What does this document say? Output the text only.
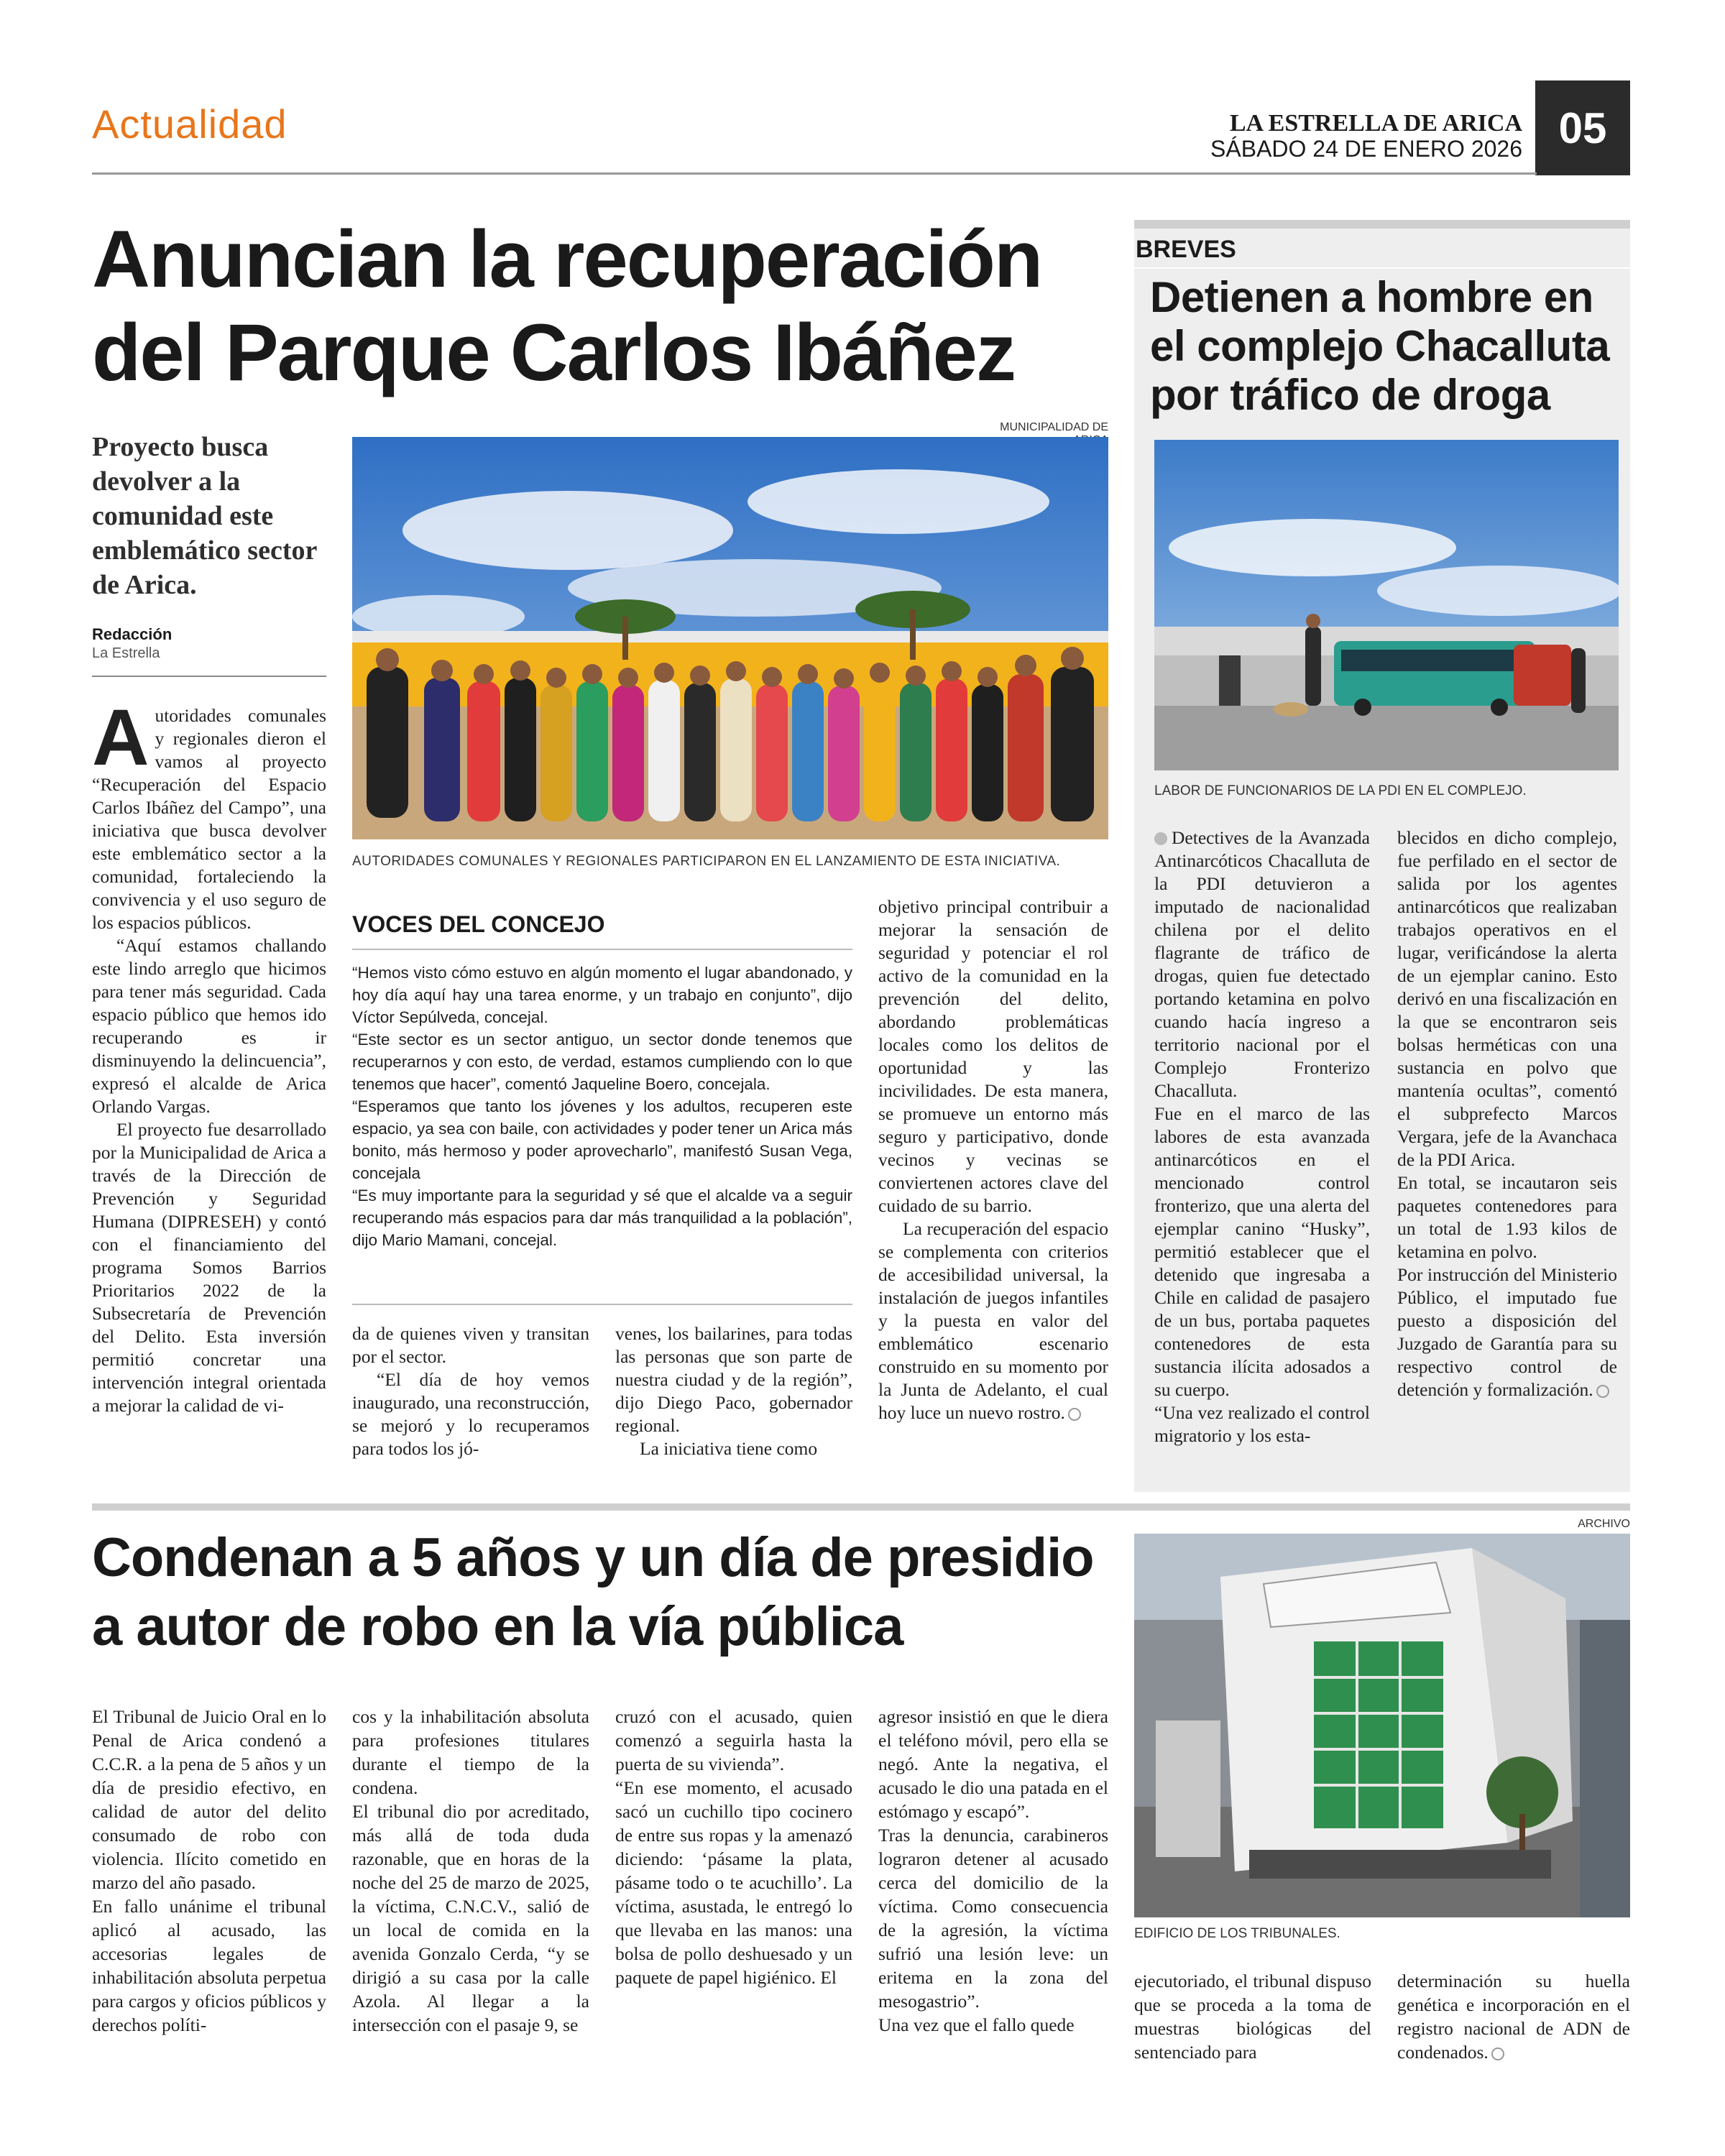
Actualidad	LA ESTRELLA DE ARICA
SÁBADO 24 DE ENERO 2026 05
Anuncian la recuperación
del Parque Carlos Ibáñez
Proyecto busca devolver a la comunidad este emblemático sector de Arica.
Redacción
La Estrella
MUNICIPALIDAD DE
AUTORIDADES COMUNALES Y REGIONALES PARTICIPARON EN EL LANZAMIENTO DE ESTA INICIATIVA.

Autoridades comunales y regionales dieron el vamos al proyecto “Recuperación del Espacio Carlos Ibáñez del Campo”, una iniciativa que busca devolver este emblemático sector a la comunidad, fortaleciendo la convivencia y el uso seguro de los espacios públicos.

“Aquí estamos challando este lindo arreglo que hicimos para tener más seguridad. Cada espacio público que hemos ido recuperando es ir disminuyendo la delincuencia”, expresó el alcalde de Arica Orlando Vargas.

El proyecto fue desarrollado por la Municipalidad de Arica a través de la Dirección de Prevención y Seguridad Humana (DIPRESEH) y contó con el financiamiento del programa Somos Barrios Prioritarios 2022 de la Subsecretaría de Prevención del Delito. Esta inversión permitió concretar una intervención integral orientada a mejorar la calidad de vi-

VOCES DEL CONCEJO

“Hemos visto cómo estuvo en algún momento el lugar abandonado, y hoy día aquí hay una tarea enorme, y un trabajo en conjunto”, dijo Víctor Sepúlveda, concejal.

“Este sector es un sector antiguo, un sector donde tenemos que recuperarnos y con esto, de verdad, estamos cumpliendo con lo que tenemos que hacer”, comentó Jaqueline Boero, concejala.

“Esperamos que tanto los jóvenes y los adultos, recuperen este espacio, ya sea con baile, con actividades y poder tener un Arica más bonito, más hermoso y poder aprovecharlo”, manifestó Susan Vega, concejala

“Es muy importante para la seguridad y sé que el alcalde va a seguir recuperando más espacios para dar más tranquilidad a la población”, dijo Mario Mamani, concejal.

da de quienes viven y transitan por el sector.

“El día de hoy vemos inaugurado, una reconstrucción, se mejoró y lo recuperamos para todos los jó-

venes, los bailarines, para todas las personas que son parte de nuestra ciudad y de la región”, dijo Diego Paco, gobernador regional.

La iniciativa tiene como

objetivo principal contribuir a mejorar la sensación de seguridad y potenciar el rol activo de la comunidad en la prevención del delito, abordando problemáticas locales como los delitos de oportunidad y las incivilidades. De esta manera, se promueve un entorno más seguro y participativo, donde vecinos y vecinas se conviertenen actores clave del cuidado de su barrio.

La recuperación del espacio se complementa con criterios de accesibilidad universal, la instalación de juegos infantiles y la puesta en valor del emblemático escenario construido en su momento por la Junta de Adelanto, el cual hoy luce un nuevo rostro.

BREVES
Detienen a hombre en el complejo Chacalluta por tráfico de droga
LABOR DE FUNCIONARIOS DE LA PDI EN EL COMPLEJO.

Detectives de la Avanzada Antinarcóticos Chacalluta de la PDI detuvieron a imputado de nacionalidad chilena por el delito flagrante de tráfico de drogas, quien fue detectado portando ketamina en polvo cuando hacía ingreso a territorio nacional por el Complejo Fronterizo Chacalluta.

Fue en el marco de las labores de esta avanzada antinarcóticos en el mencionado control fronterizo, que una alerta del ejemplar canino “Husky”, permitió establecer que el detenido que ingresaba a Chile en calidad de pasajero de un bus, portaba paquetes contenedores de esta sustancia ilícita adosados a su cuerpo.

“Una vez realizado el control migratorio y los esta-

blecidos en dicho complejo, fue perfilado en el sector de salida por los agentes antinarcóticos que realizaban trabajos operativos en el lugar, verificándose la alerta de un ejemplar canino. Esto derivó en una fiscalización en la que se encontraron seis bolsas herméticas con una sustancia en polvo que mantenía ocultas”, comentó el subprefecto Marcos Vergara, jefe de la Avanchaca de la PDI Arica.

En total, se incautaron seis paquetes contenedores para un total de 1.93 kilos de ketamina en polvo.

Por instrucción del Ministerio Público, el imputado fue puesto a disposición del Juzgado de Garantía para su respectivo control de detención y formalización.

Condenan a 5 años y un día de presidio
a autor de robo en la vía pública
ARCHIVO
EDIFICIO DE LOS TRIBUNALES.

El Tribunal de Juicio Oral en lo Penal de Arica condenó a C.C.R. a la pena de 5 años y un día de presidio efectivo, en calidad de autor del delito consumado de robo con violencia. Ilícito cometido en marzo del año pasado.

En fallo unánime el tribunal aplicó al acusado, las accesorias legales de inhabilitación absoluta perpetua para cargos y oficios públicos y derechos políti-

cos y la inhabilitación absoluta para profesiones titulares durante el tiempo de la condena.

El tribunal dio por acreditado, más allá de toda duda razonable, que en horas de la noche del 25 de marzo de 2025, la víctima, C.N.C.V., salió de un local de comida en la avenida Gonzalo Cerda, “y se dirigió a su casa por la calle Azola. Al llegar a la intersección con el pasaje 9, se

cruzó con el acusado, quien comenzó a seguirla hasta la puerta de su vivienda”.

“En ese momento, el acusado sacó un cuchillo tipo cocinero de entre sus ropas y la amenazó diciendo: ‘pásame la plata, pásame todo o te acuchillo’. La víctima, asustada, le entregó lo que llevaba en las manos: una bolsa de pollo deshuesado y un paquete de papel higiénico. El

agresor insistió en que le diera el teléfono móvil, pero ella se negó. Ante la negativa, el acusado le dio una patada en el estómago y escapó”.

Tras la denuncia, carabineros lograron detener al acusado cerca del domicilio de la víctima. Como consecuencia de la agresión, la víctima sufrió una lesión leve: un eritema en la zona del mesogastrio”.

Una vez que el fallo quede

ejecutoriado, el tribunal dispuso que se proceda a la toma de muestras biológicas del sentenciado para

determinación su huella genética e incorporación en el registro nacional de ADN de condenados.
